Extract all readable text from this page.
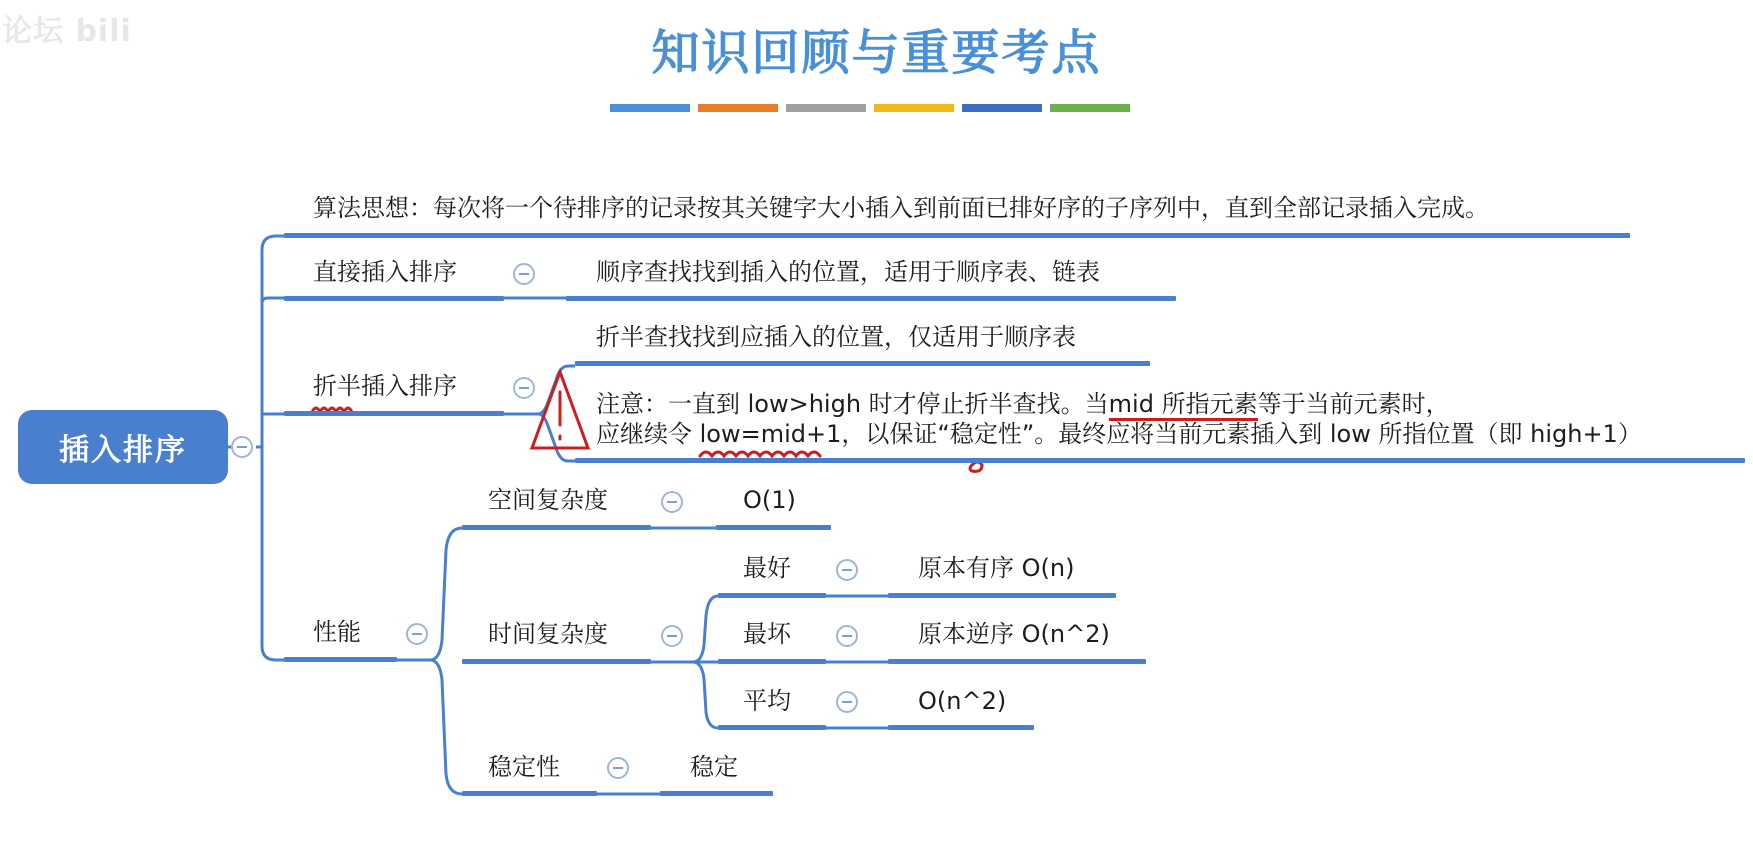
论坛 bili	知识回顾与重要考点
插入排序
算法思想：每次将一个待排序的记录按其关键字大小插入到前面已排好序的子序列中，直到全部记录插入完成。
直接插入排序	顺序查找找到插入的位置，适用于顺序表、链表
折半插入排序
折半查找找到应插入的位置，仅适用于顺序表
注意：一直到 low>high 时才停止折半查找。当mid 所指元素等于当前元素时，
应继续令 low=mid+1，以保证“稳定性”。最终应将当前元素插入到 low 所指位置（即 high+1）
性能
空间复杂度	O(1)
时间复杂度
最好	原本有序 O(n)
最坏	原本逆序 O(n^2)
平均	O(n^2)
稳定性	稳定
